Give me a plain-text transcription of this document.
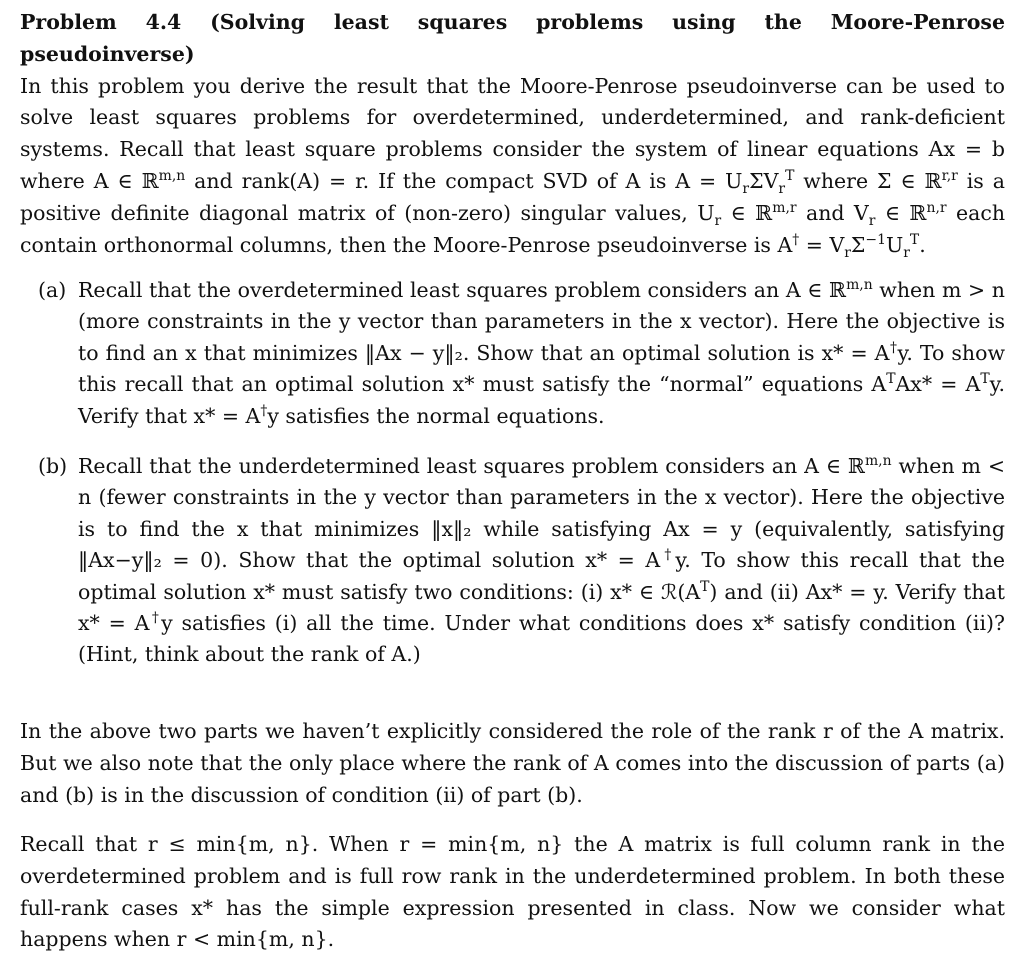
Problem 4.4 (Solving least squares problems using the Moore-Penrose pseudoinverse)
In this problem you derive the result that the Moore-Penrose pseudoinverse can be used to solve least squares problems for overdetermined, underdetermined, and rank-deficient systems. Recall that least square problems consider the system of linear equations Ax = b where A ∈ ℝ$^{m,n}$ and rank(A) = r. If the compact SVD of A is $A = U_r\Sigma V_r^T$ where Σ ∈ ℝ$^{r,r}$ is a positive definite diagonal matrix of (non-zero) singular values, $U_r$ ∈ ℝ$^{m,r}$ and $V_r$ ∈ ℝ$^{n,r}$ each contain orthonormal columns, then the Moore-Penrose pseudoinverse is $A^\dagger = V_r\Sigma^{-1}U_r^T$.
(a) Recall that the overdetermined least squares problem considers an A ∈ ℝ$^{m,n}$ when m > n (more constraints in the y vector than parameters in the x vector). Here the objective is to find an x that minimizes ‖Ax − y‖₂. Show that an optimal solution is x* = A†y. To show this recall that an optimal solution x* must satisfy the “normal” equations $A^TAx* = A^Ty$. Verify that x* = A†y satisfies the normal equations.
(b) Recall that the underdetermined least squares problem considers an A ∈ ℝ$^{m,n}$ when m < n (fewer constraints in the y vector than parameters in the x vector). Here the objective is to find the x that minimizes ‖x‖₂ while satisfying Ax = y (equivalently, satisfying ‖Ax−y‖₂ = 0). Show that the optimal solution x* = A†y. To show this recall that the optimal solution x* must satisfy two conditions: (i) x* ∈ $ℛ(A^T)$ and (ii) Ax* = y. Verify that x* = A†y satisfies (i) all the time. Under what conditions does x* satisfy condition (ii)? (Hint, think about the rank of A.)
In the above two parts we haven’t explicitly considered the role of the rank r of the A matrix. But we also note that the only place where the rank of A comes into the discussion of parts (a) and (b) is in the discussion of condition (ii) of part (b).
Recall that r ≤ min{m, n}. When r = min{m, n} the A matrix is full column rank in the overdetermined problem and is full row rank in the underdetermined problem. In both these full-rank cases x* has the simple expression presented in class. Now we consider what happens when r < min{m, n}.
